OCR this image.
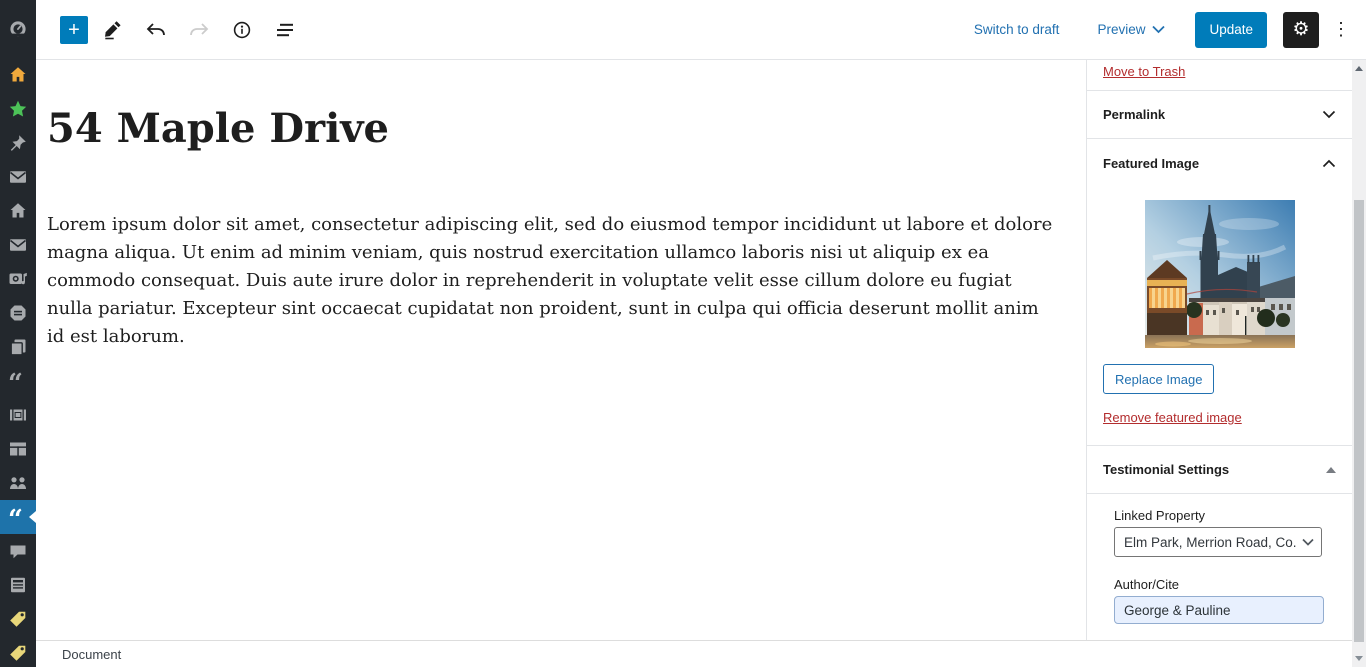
“
“
+	Switch to draft	Preview	Update	⚙ ⋮
54 Maple Drive

Lorem ipsum dolor sit amet, consectetur adipiscing elit, sed do eiusmod tempor incididunt ut labore et dolore magna aliqua. Ut enim ad minim veniam, quis nostrud exercitation ullamco laboris nisi ut aliquip ex ea commodo consequat. Duis aute irure dolor in reprehenderit in voluptate velit esse cillum dolore eu fugiat nulla pariatur. Excepteur sint occaecat cupidatat non proident, sunt in culpa qui officia deserunt mollit anim id est laborum.

Document
Move to Trash
Permalink
Featured Image
Replace Image
Remove featured image
Testimonial Settings
Linked Property
Elm Park, Merrion Road, Co.
Author/Cite
George & Pauline
